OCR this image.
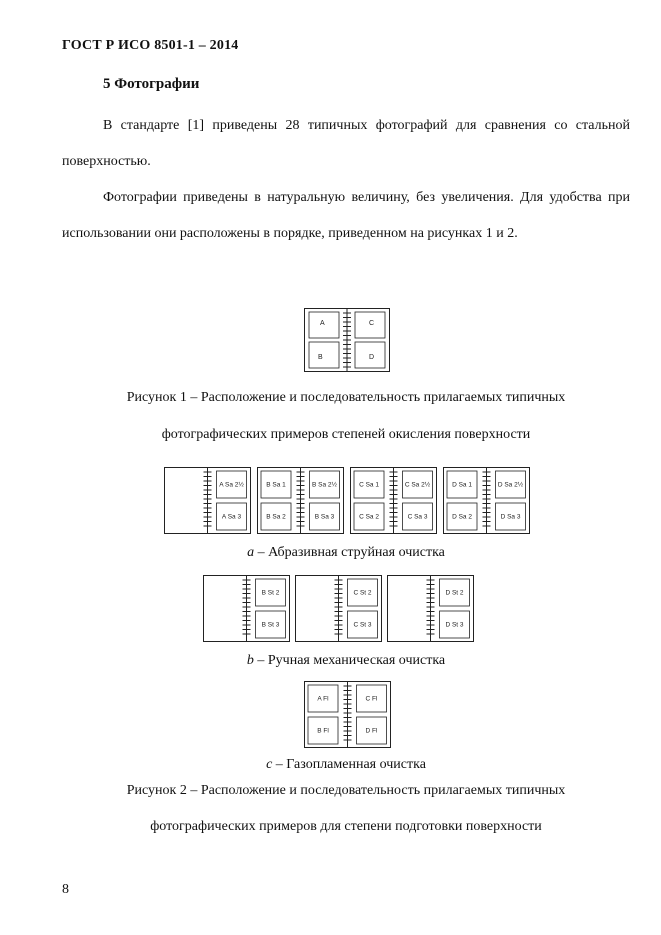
ГОСТ Р ИСО 8501-1 – 2014
5 Фотографии
В стандарте [1] приведены 28 типичных фотографий для сравнения со стальной поверхностью.
Фотографии приведены в натуральную величину, без увеличения. Для удобства при использовании они расположены в порядке, приведенном на рисунках 1 и 2.
A	C
B	D
Рисунок 1 – Расположение и последовательность прилагаемых типичных
фотографических примеров степеней окисления поверхности
A Sa 2½
A Sa 3
B Sa 1	B Sa 2½
B Sa 2	B Sa 3
C Sa 1	C Sa 2½
C Sa 2	C Sa 3
D Sa 1	D Sa 2½
D Sa 2	D Sa 3
a – Абразивная струйная очистка
B St 2
B St 3
C St 2
C St 3
D St 2
D St 3
b – Ручная механическая очистка
A Fl	C Fl
B Fl	D Fl
c – Газопламенная очистка
Рисунок 2 – Расположение и последовательность прилагаемых типичных
фотографических примеров для степени подготовки поверхности
8
